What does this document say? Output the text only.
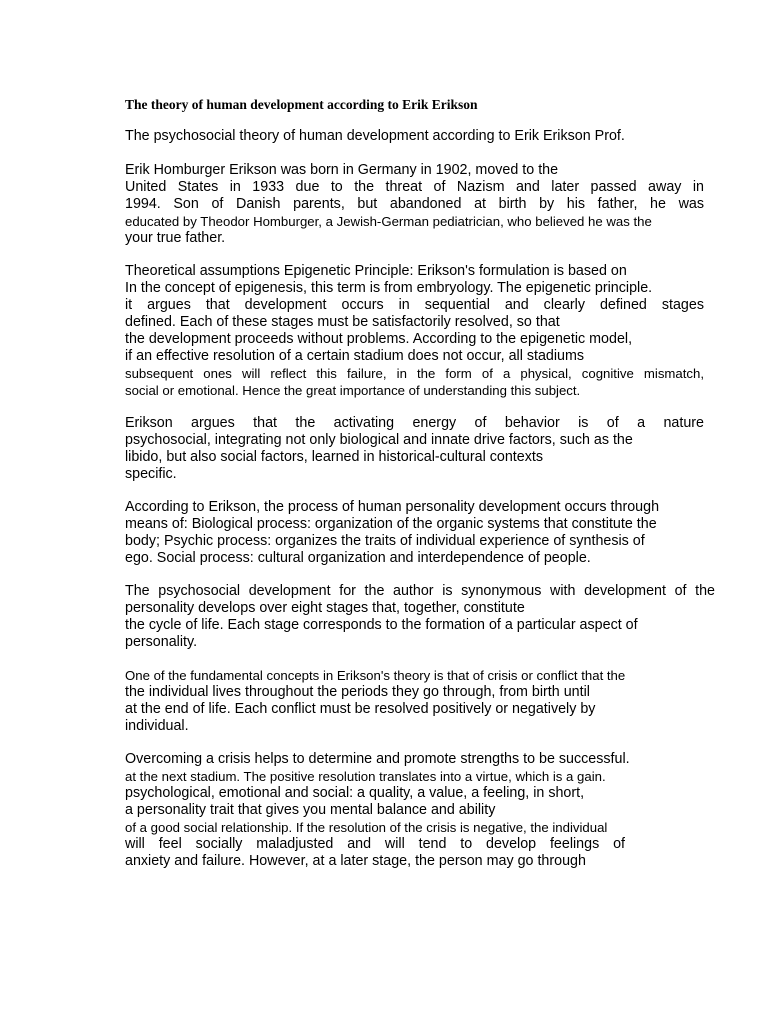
The theory of human development according to Erik Erikson

The psychosocial theory of human development according to Erik Erikson Prof.

Erik Homburger Erikson was born in Germany in 1902, moved to the
United States in 1933 due to the threat of Nazism and later passed away in
1994. Son of Danish parents, but abandoned at birth by his father, he was
educated by Theodor Homburger, a Jewish-German pediatrician, who believed he was the
your true father.

Theoretical assumptions Epigenetic Principle: Erikson's formulation is based on
In the concept of epigenesis, this term is from embryology. The epigenetic principle.
it argues that development occurs in sequential and clearly defined stages
defined. Each of these stages must be satisfactorily resolved, so that
the development proceeds without problems. According to the epigenetic model,
if an effective resolution of a certain stadium does not occur, all stadiums
subsequent ones will reflect this failure, in the form of a physical, cognitive mismatch,
social or emotional. Hence the great importance of understanding this subject.

Erikson argues that the activating energy of behavior is of a nature
psychosocial, integrating not only biological and innate drive factors, such as the
libido, but also social factors, learned in historical-cultural contexts
specific.

According to Erikson, the process of human personality development occurs through
means of: Biological process: organization of the organic systems that constitute the
body; Psychic process: organizes the traits of individual experience of synthesis of
ego. Social process: cultural organization and interdependence of people.

The psychosocial development for the author is synonymous with development of the
personality develops over eight stages that, together, constitute
the cycle of life. Each stage corresponds to the formation of a particular aspect of
personality.

One of the fundamental concepts in Erikson's theory is that of crisis or conflict that the
the individual lives throughout the periods they go through, from birth until
at the end of life. Each conflict must be resolved positively or negatively by
individual.

Overcoming a crisis helps to determine and promote strengths to be successful.
at the next stadium. The positive resolution translates into a virtue, which is a gain.
psychological, emotional and social: a quality, a value, a feeling, in short,
a personality trait that gives you mental balance and ability
of a good social relationship. If the resolution of the crisis is negative, the individual
will feel socially maladjusted and will tend to develop feelings of
anxiety and failure. However, at a later stage, the person may go through
